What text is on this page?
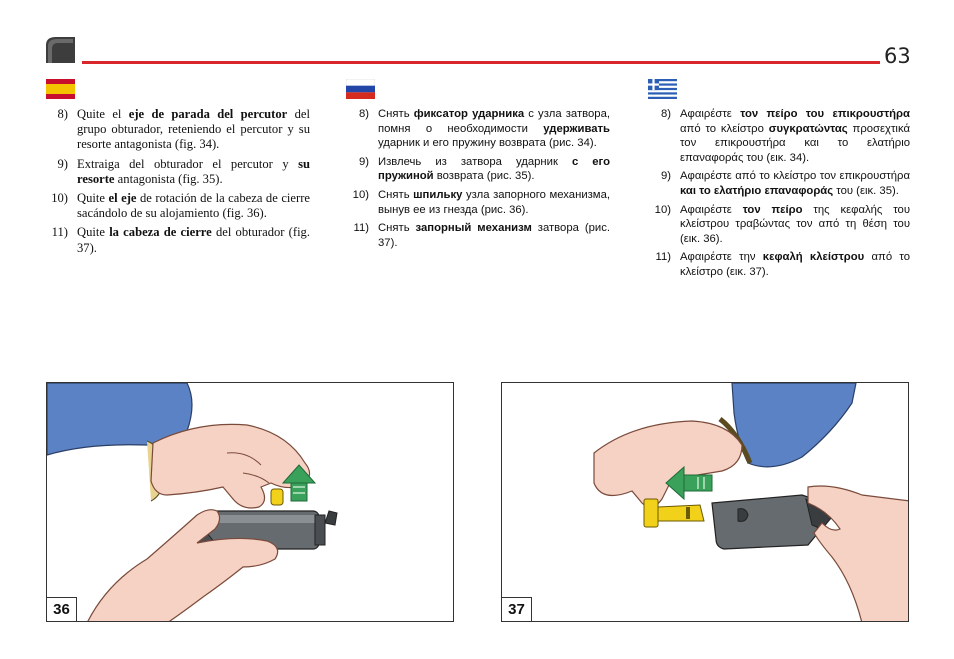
63
8) Quite el eje de parada del percutor del grupo obturador, reteniendo el percutor y su resorte antagonista (fig. 34).
9) Extraiga del obturador el percutor y su resorte antagonista (fig. 35).
10) Quite el eje de rotación de la cabeza de cierre sacándolo de su alojamiento (fig. 36).
11) Quite la cabeza de cierre del obturador (fig. 37).
8) Снять фиксатор ударника с узла затвора, помня о необходимости удерживать ударник и его пружину возврата (рис. 34).
9) Извлечь из затвора ударник с его пружиной возврата (рис. 35).
10) Снять шпильку узла запорного механизма, вынув ее из гнезда (рис. 36).
11) Снять запорный механизм затвора (рис. 37).
8) Αφαιρέστε τον πείρο του επικρουστήρα από το κλείστρο συγκρατώντας προσεχτικά τον επικρουστήρα και το ελατήριο επαναφοράς του (εικ. 34).
9) Αφαιρέστε από το κλείστρο τον επικρουστήρα και το ελατήριο επαναφοράς του (εικ. 35).
10) Αφαιρέστε τον πείρο της κεφαλής του κλείστρου τραβώντας τον από τη θέση του (εικ. 36).
11) Αφαιρέστε την κεφαλή κλείστρου από το κλείστρο (εικ. 37).
36	37
